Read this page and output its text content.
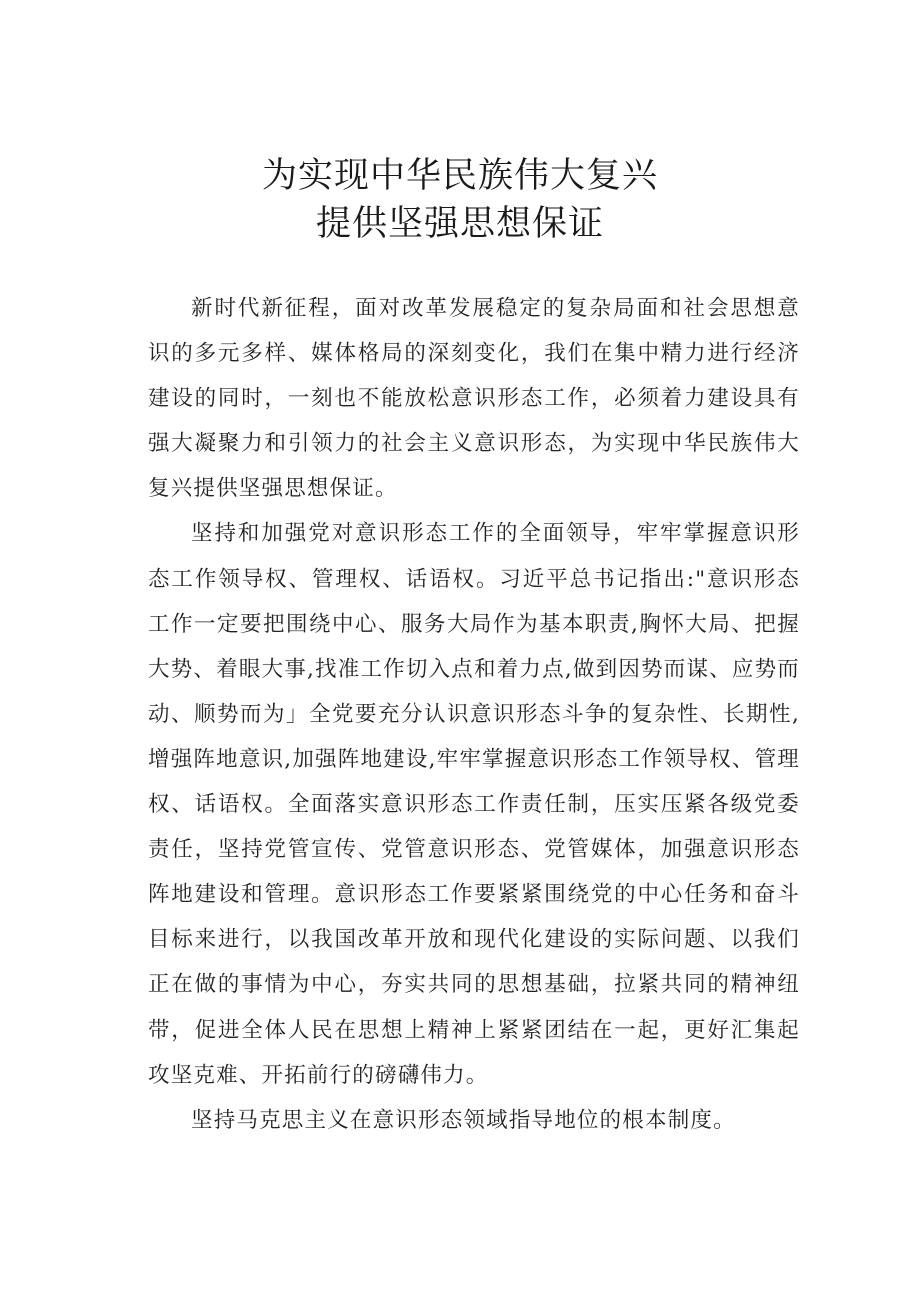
为实现中华民族伟大复兴
提供坚强思想保证

新时代新征程，面对改革发展稳定的复杂局面和社会思想意识的多元多样、媒体格局的深刻变化，我们在集中精力进行经济建设的同时，一刻也不能放松意识形态工作，必须着力建设具有强大凝聚力和引领力的社会主义意识形态，为实现中华民族伟大复兴提供坚强思想保证。

坚持和加强党对意识形态工作的全面领导，牢牢掌握意识形态工作领导权、管理权、话语权。习近平总书记指出:"意识形态工作一定要把围绕中心、服务大局作为基本职责,胸怀大局、把握大势、着眼大事,找准工作切入点和着力点,做到因势而谋、应势而动、顺势而为」全党要充分认识意识形态斗争的复杂性、长期性,增强阵地意识,加强阵地建设,牢牢掌握意识形态工作领导权、管理权、话语权。全面落实意识形态工作责任制，压实压紧各级党委责任，坚持党管宣传、党管意识形态、党管媒体，加强意识形态阵地建设和管理。意识形态工作要紧紧围绕党的中心任务和奋斗目标来进行，以我国改革开放和现代化建设的实际问题、以我们正在做的事情为中心，夯实共同的思想基础，拉紧共同的精神纽带，促进全体人民在思想上精神上紧紧团结在一起，更好汇集起攻坚克难、开拓前行的磅礴伟力。

坚持马克思主义在意识形态领域指导地位的根本制度。
